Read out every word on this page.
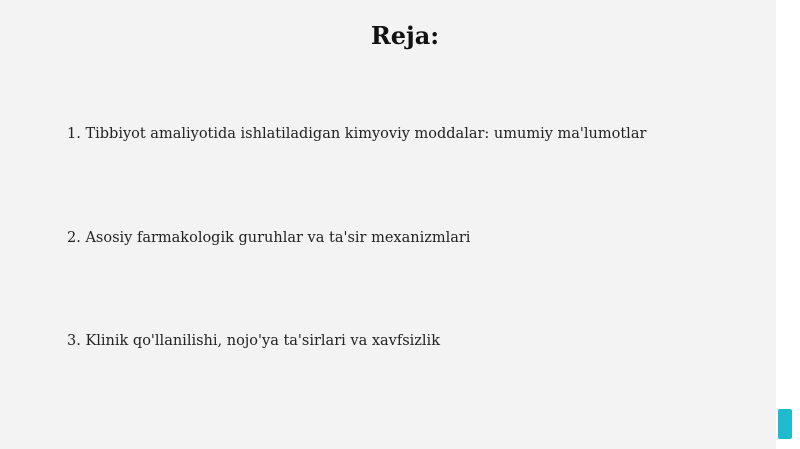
Reja:
1. Tibbiyot amaliyotida ishlatiladigan kimyoviy moddalar: umumiy ma'lumotlar
2. Asosiy farmakologik guruhlar va ta'sir mexanizmlari
3. Klinik qo'llanilishi, nojo'ya ta'sirlari va xavfsizlik
